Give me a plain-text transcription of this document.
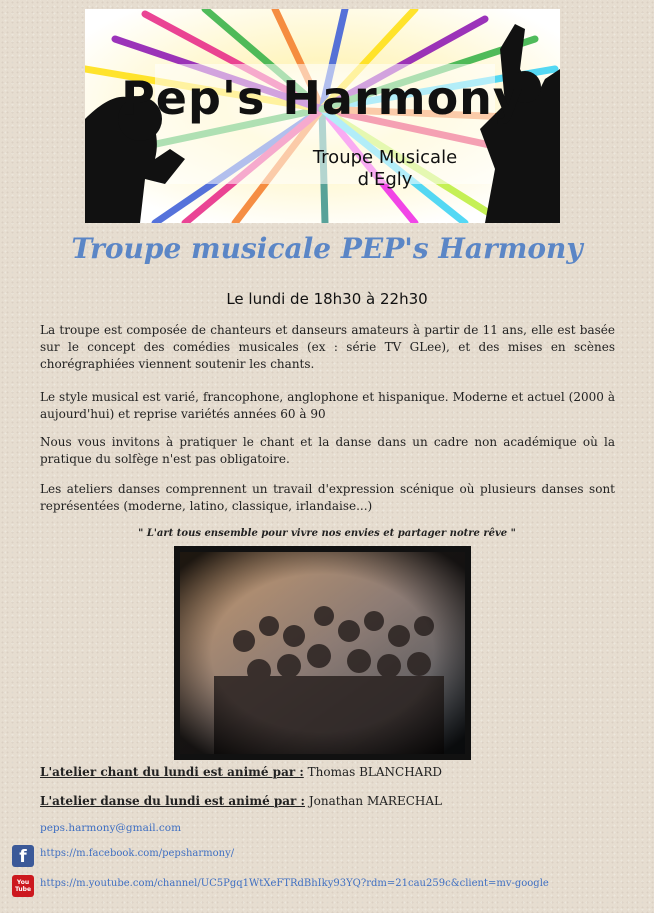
Pep's Harmony
Troupe Musicale
d'Egly
Troupe musicale PEP's Harmony
Le lundi de 18h30 à 22h30
La troupe est composée de chanteurs et danseurs amateurs à partir de 11 ans, elle est basée sur le concept des comédies musicales (ex : série TV GLee), et des mises en scènes chorégraphiées viennent soutenir les chants.
Le style musical est varié, francophone, anglophone et hispanique. Moderne et actuel (2000 à aujourd'hui) et reprise variétés années 60 à 90
Nous vous invitons à pratiquer le chant et la danse dans un cadre non académique où la pratique du solfège n'est pas obligatoire.
Les ateliers danses comprennent un travail d'expression scénique où plusieurs danses sont représentées (moderne, latino, classique, irlandaise...)
" L'art tous ensemble pour vivre nos envies et partager notre rêve "
L'atelier chant du lundi est animé par : Thomas BLANCHARD
L'atelier danse du lundi est animé par : Jonathan MARECHAL
peps.harmony@gmail.com
f	https://m.facebook.com/pepsharmony/
You Tube
https://m.youtube.com/channel/UC5Pgq1WtXeFTRdBhIky93YQ?rdm=21cau259c&client=mv-google
